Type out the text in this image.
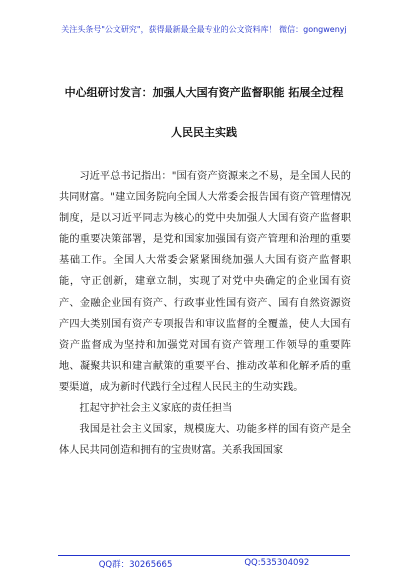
关注头条号"公文研究"，获得最新最全最专业的公文资料库！ 微信：gongwenyj
中心组研讨发言：加强人大国有资产监督职能 拓展全过程
人民民主实践

习近平总书记指出："国有资产资源来之不易，是全国人民的共同财富。"建立国务院向全国人大常委会报告国有资产管理情况制度，是以习近平同志为核心的党中央加强人大国有资产监督职能的重要决策部署，是党和国家加强国有资产管理和治理的重要基础工作。全国人大常委会紧紧围绕加强人大国有资产监督职能，守正创新，建章立制，实现了对党中央确定的企业国有资产、金融企业国有资产、行政事业性国有资产、国有自然资源资产四大类别国有资产专项报告和审议监督的全覆盖，使人大国有资产监督成为坚持和加强党对国有资产管理工作领导的重要阵地、凝聚共识和建言献策的重要平台、推动改革和化解矛盾的重要渠道，成为新时代践行全过程人民民主的生动实践。

扛起守护社会主义家底的责任担当

我国是社会主义国家，规模庞大、功能多样的国有资产是全体人民共同创造和拥有的宝贵财富。关系我国国家

QQ群：30265665	QQ:535304092
